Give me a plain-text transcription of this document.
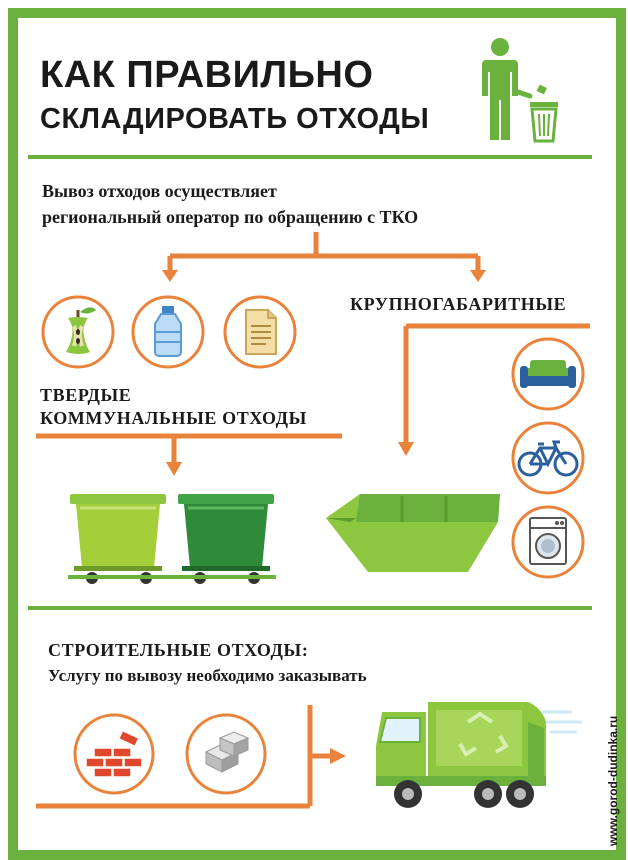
КАК ПРАВИЛЬНО
СКЛАДИРОВАТЬ ОТХОДЫ
Вывоз отходов осуществляет
региональный оператор по обращению с ТКО
КРУПНОГАБАРИТНЫЕ
ТВЕРДЫЕ
КОММУНАЛЬНЫЕ ОТХОДЫ
СТРОИТЕЛЬНЫЕ ОТХОДЫ:
Услугу по вывозу необходимо заказывать
www.gorod-dudinka.ru
